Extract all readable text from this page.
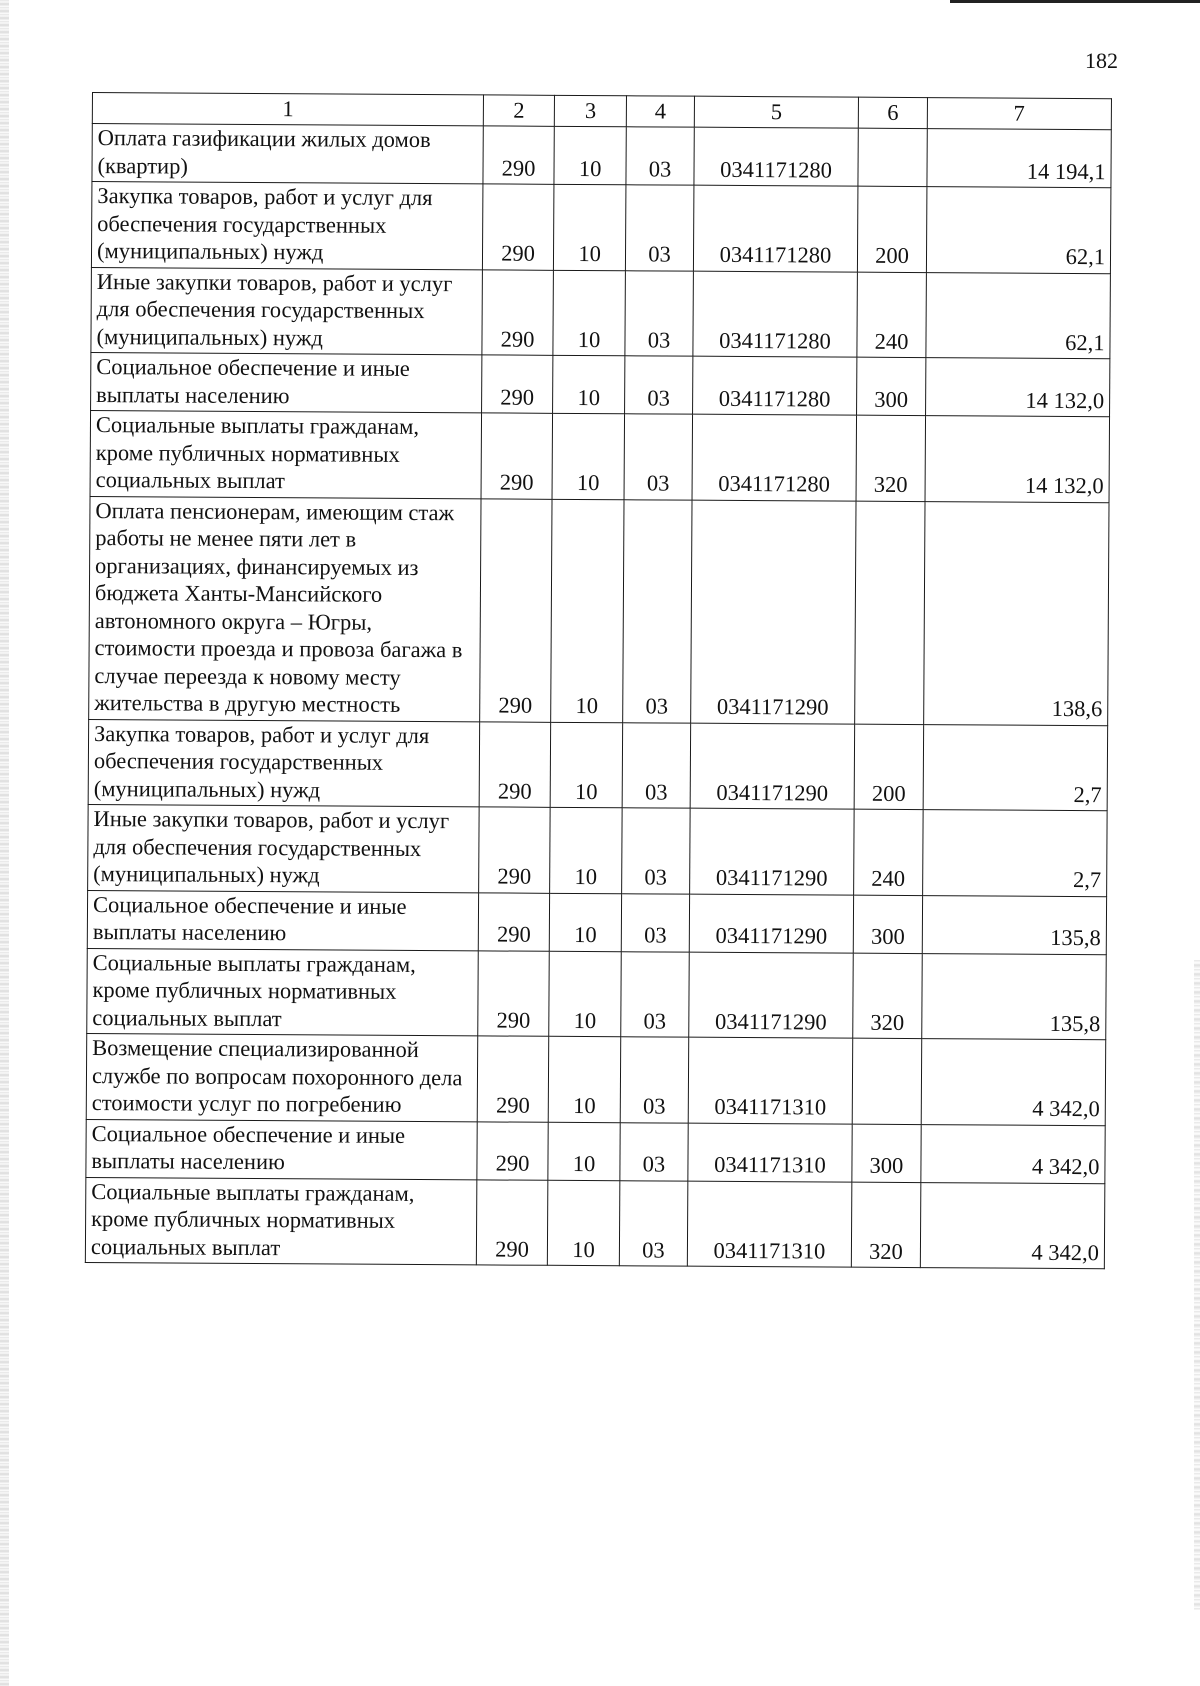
182
1	2	3	4	5	6	7
Оплата газификации жилых домов (квартир)	290	10	03	0341171280		14 194,1
Закупка товаров, работ и услуг для обеспечения государственных (муниципальных) нужд	290	10	03	0341171280	200	62,1
Иные закупки товаров, работ и услуг для обеспечения государственных (муниципальных) нужд	290	10	03	0341171280	240	62,1
Социальное обеспечение и иные выплаты населению	290	10	03	0341171280	300	14 132,0
Социальные выплаты гражданам, кроме публичных нормативных социальных выплат	290	10	03	0341171280	320	14 132,0
Оплата пенсионерам, имеющим стаж работы не менее пяти лет в организациях, финансируемых из бюджета Ханты-Мансийского автономного округа – Югры, стоимости проезда и провоза багажа в случае переезда к новому месту жительства в другую местность	290	10	03	0341171290		138,6
Закупка товаров, работ и услуг для обеспечения государственных (муниципальных) нужд	290	10	03	0341171290	200	2,7
Иные закупки товаров, работ и услуг для обеспечения государственных (муниципальных) нужд	290	10	03	0341171290	240	2,7
Социальное обеспечение и иные выплаты населению	290	10	03	0341171290	300	135,8
Социальные выплаты гражданам, кроме публичных нормативных социальных выплат	290	10	03	0341171290	320	135,8
Возмещение специализированной службе по вопросам похоронного дела стоимости услуг по погребению	290	10	03	0341171310		4 342,0
Социальное обеспечение и иные выплаты населению	290	10	03	0341171310	300	4 342,0
Социальные выплаты гражданам, кроме публичных нормативных социальных выплат	290	10	03	0341171310	320	4 342,0
